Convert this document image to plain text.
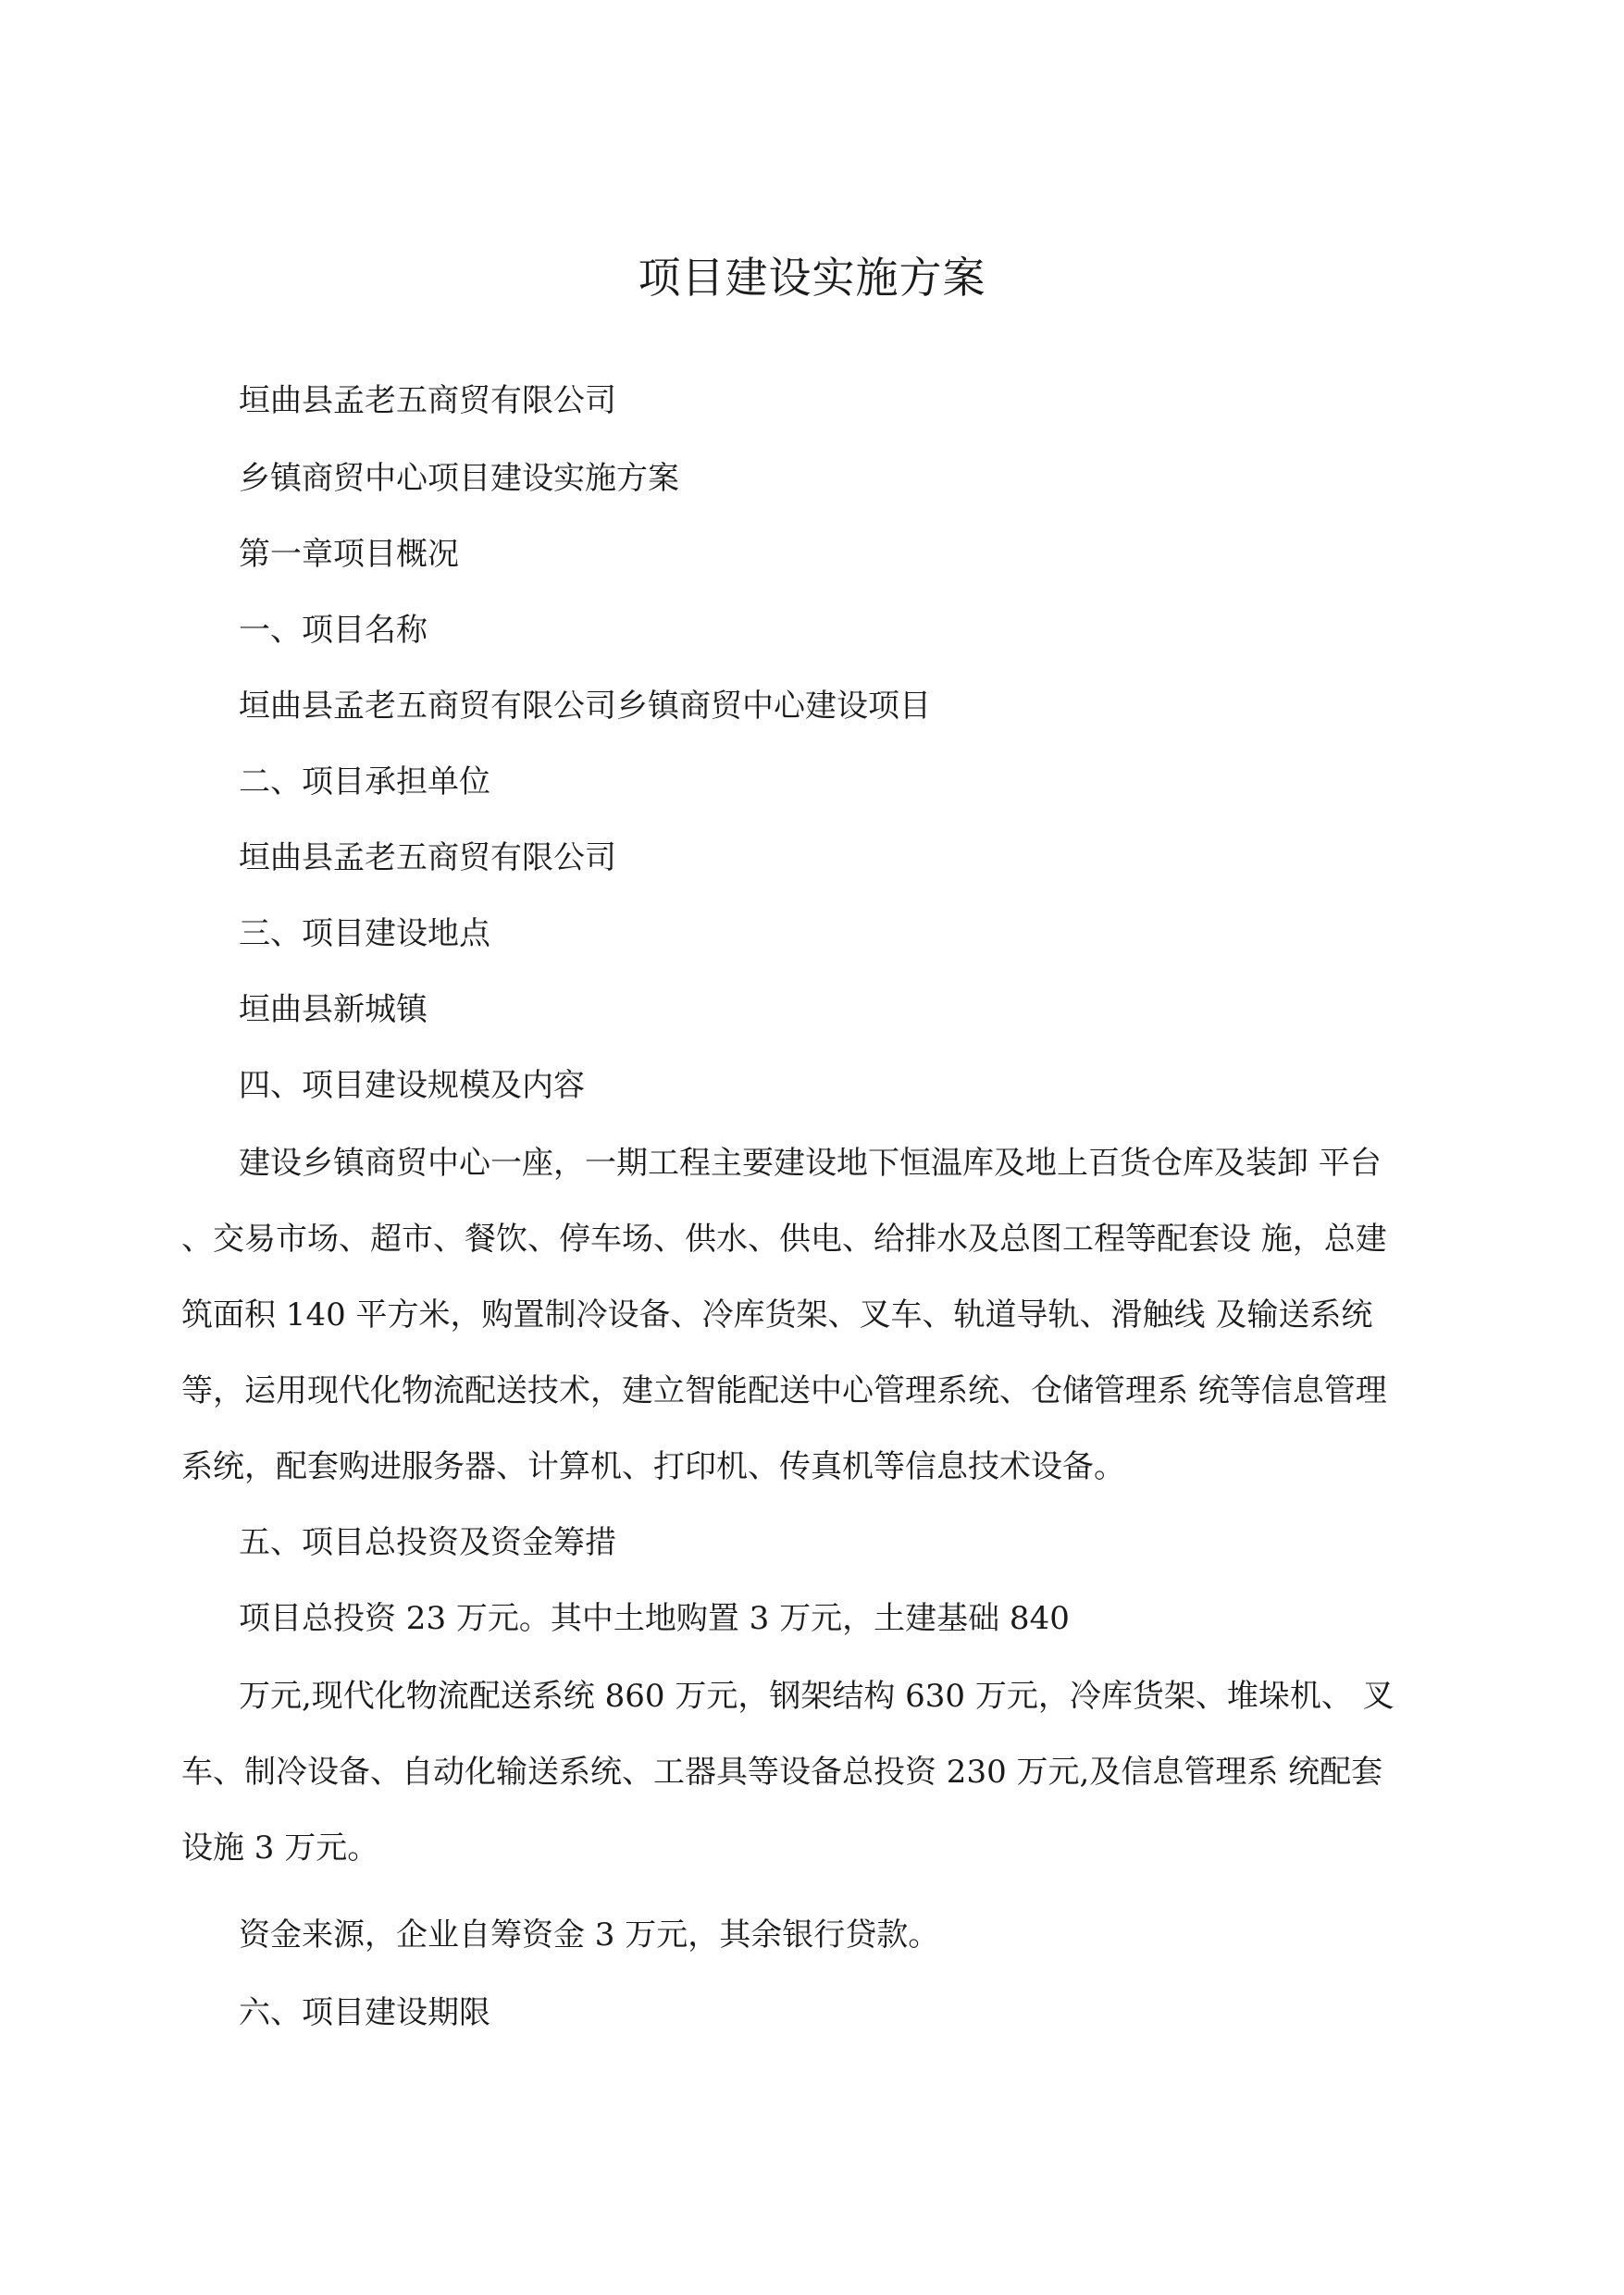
项目建设实施方案
垣曲县孟老五商贸有限公司
乡镇商贸中心项目建设实施方案
第一章项目概况
一、项目名称
垣曲县孟老五商贸有限公司乡镇商贸中心建设项目
二、项目承担单位
垣曲县孟老五商贸有限公司
三、项目建设地点
垣曲县新城镇
四、项目建设规模及内容
建设乡镇商贸中心一座，一期工程主要建设地下恒温库及地上百货仓库及装卸 平台
、交易市场、超市、餐饮、停车场、供水、供电、给排水及总图工程等配套设 施，总建
筑面积 140 平方米，购置制冷设备、冷库货架、叉车、轨道导轨、滑触线 及输送系统
等，运用现代化物流配送技术，建立智能配送中心管理系统、仓储管理系 统等信息管理
系统，配套购进服务器、计算机、打印机、传真机等信息技术设备。
五、项目总投资及资金筹措
项目总投资 23 万元。其中土地购置 3 万元，土建基础 840
万元,现代化物流配送系统 860 万元，钢架结构 630 万元，冷库货架、堆垛机、 叉
车、制冷设备、自动化输送系统、工器具等设备总投资 230 万元,及信息管理系 统配套
设施 3 万元。
资金来源，企业自筹资金 3 万元，其余银行贷款。
六、项目建设期限
